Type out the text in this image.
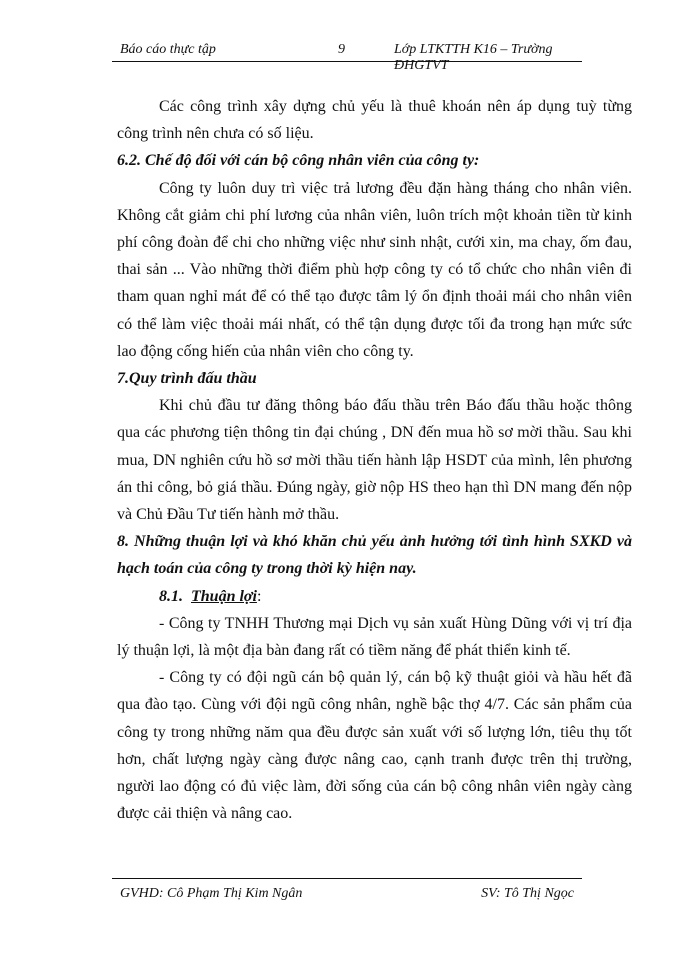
Báo cáo thực tập	9	Lớp LTKTTH K16 – Trường ĐHGTVT

Các công trình xây dựng chủ yếu là thuê khoán nên áp dụng tuỳ từng công trình nên chưa có số liệu.

6.2. Chế độ đối với cán bộ công nhân viên của công ty:

Công ty luôn duy trì việc trả lương đều đặn hàng tháng cho nhân viên. Không cắt giảm chi phí lương của nhân viên, luôn trích một khoản tiền từ kinh phí công đoàn để chi cho những việc như sinh nhật, cưới xin, ma chay, ốm đau, thai sản ... Vào những thời điểm phù hợp công ty có tổ chức cho nhân viên đi tham quan nghỉ mát để có thể tạo được tâm lý ổn định thoải mái cho nhân viên có thể làm việc thoải mái nhất, có thể tận dụng được tối đa trong hạn mức sức lao động cống hiến của nhân viên cho công ty.

7.Quy trình đấu thầu

Khi chủ đầu tư đăng thông báo đấu thầu trên Báo đấu thầu hoặc thông qua các phương tiện thông tin đại chúng , DN đến mua hồ sơ mời thầu. Sau khi mua, DN nghiên cứu hồ sơ mời thầu tiến hành lập HSDT của mình, lên phương án thi công, bỏ giá thầu. Đúng ngày, giờ nộp HS theo hạn thì DN mang đến nộp và Chủ Đầu Tư tiến hành mở thầu.

8. Những thuận lợi và khó khăn chủ yếu ảnh hưởng tới tình hình SXKD và hạch toán của công ty trong thời kỳ hiện nay.

8.1. Thuận lợi:

- Công ty TNHH Thương mại Dịch vụ sản xuất Hùng Dũng với vị trí địa lý thuận lợi, là một địa bàn đang rất có tiềm năng để phát thiển kinh tế.

- Công ty có đội ngũ cán bộ quản lý, cán bộ kỹ thuật giỏi và hầu hết đã qua đào tạo. Cùng với đội ngũ công nhân, nghề bậc thợ 4/7. Các sản phẩm của công ty trong những năm qua đều được sản xuất với số lượng lớn, tiêu thụ tốt hơn, chất lượng ngày càng được nâng cao, cạnh tranh được trên thị trường, người lao động có đủ việc làm, đời sống của cán bộ công nhân viên ngày càng được cải thiện và nâng cao.

GVHD: Cô Phạm Thị Kim Ngân	SV: Tô Thị Ngọc
